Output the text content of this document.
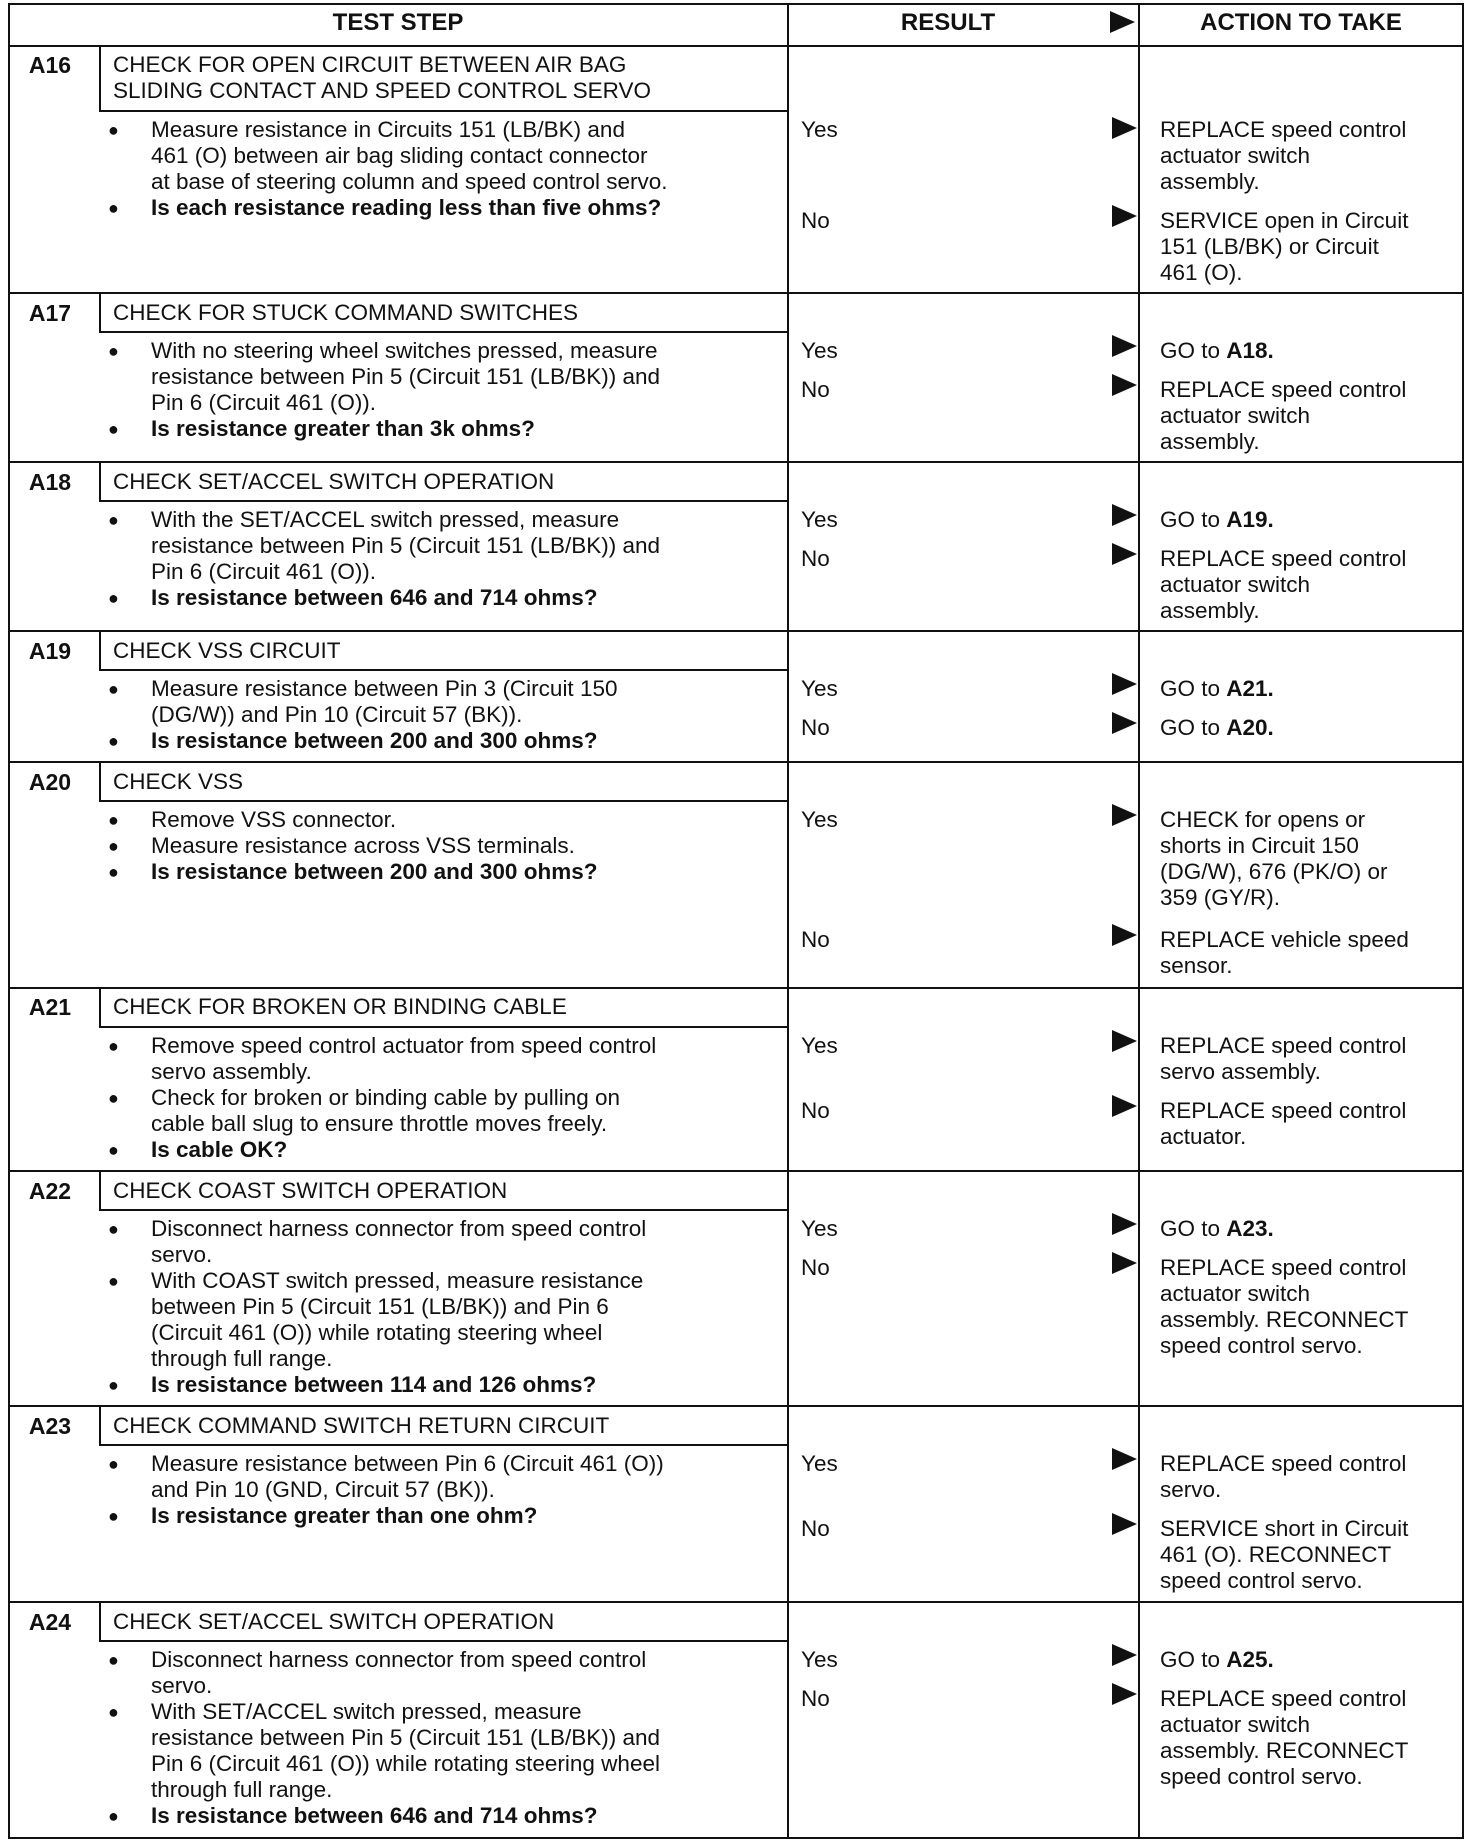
TEST STEP	RESULT	ACTION TO TAKE
A16	CHECK FOR OPEN CIRCUIT BETWEEN AIR BAG
SLIDING CONTACT AND SPEED CONTROL SERVO
●	Measure resistance in Circuits 151 (LB/BK) and
461 (O) between air bag sliding contact connector
at base of steering column and speed control servo.
●	Is each resistance reading less than five ohms?
Yes	REPLACE speed control
actuator switch
assembly.
No	SERVICE open in Circuit
151 (LB/BK) or Circuit
461 (O).
A17	CHECK FOR STUCK COMMAND SWITCHES
●	With no steering wheel switches pressed, measure
resistance between Pin 5 (Circuit 151 (LB/BK)) and
Pin 6 (Circuit 461 (O)).
●	Is resistance greater than 3k ohms?
Yes	GO to A18.
No	REPLACE speed control
actuator switch
assembly.
A18	CHECK SET/ACCEL SWITCH OPERATION
●	With the SET/ACCEL switch pressed, measure
resistance between Pin 5 (Circuit 151 (LB/BK)) and
Pin 6 (Circuit 461 (O)).
●	Is resistance between 646 and 714 ohms?
Yes	GO to A19.
No	REPLACE speed control
actuator switch
assembly.
A19	CHECK VSS CIRCUIT
●	Measure resistance between Pin 3 (Circuit 150
(DG/W)) and Pin 10 (Circuit 57 (BK)).
●	Is resistance between 200 and 300 ohms?
Yes	GO to A21.
No	GO to A20.
A20	CHECK VSS
●	Remove VSS connector.
●	Measure resistance across VSS terminals.
●	Is resistance between 200 and 300 ohms?
Yes	CHECK for opens or
shorts in Circuit 150
(DG/W), 676 (PK/O) or
359 (GY/R).
No	REPLACE vehicle speed
sensor.
A21	CHECK FOR BROKEN OR BINDING CABLE
●	Remove speed control actuator from speed control
servo assembly.
●	Check for broken or binding cable by pulling on
cable ball slug to ensure throttle moves freely.
●	Is cable OK?
Yes	REPLACE speed control
servo assembly.
No	REPLACE speed control
actuator.
A22	CHECK COAST SWITCH OPERATION
●	Disconnect harness connector from speed control
servo.
●	With COAST switch pressed, measure resistance
between Pin 5 (Circuit 151 (LB/BK)) and Pin 6
(Circuit 461 (O)) while rotating steering wheel
through full range.
●	Is resistance between 114 and 126 ohms?
Yes	GO to A23.
No	REPLACE speed control
actuator switch
assembly. RECONNECT
speed control servo.
A23	CHECK COMMAND SWITCH RETURN CIRCUIT
●	Measure resistance between Pin 6 (Circuit 461 (O))
and Pin 10 (GND, Circuit 57 (BK)).
●	Is resistance greater than one ohm?
Yes	REPLACE speed control
servo.
No	SERVICE short in Circuit
461 (O). RECONNECT
speed control servo.
A24	CHECK SET/ACCEL SWITCH OPERATION
●	Disconnect harness connector from speed control
servo.
●	With SET/ACCEL switch pressed, measure
resistance between Pin 5 (Circuit 151 (LB/BK)) and
Pin 6 (Circuit 461 (O)) while rotating steering wheel
through full range.
●	Is resistance between 646 and 714 ohms?
Yes	GO to A25.
No	REPLACE speed control
actuator switch
assembly. RECONNECT
speed control servo.
